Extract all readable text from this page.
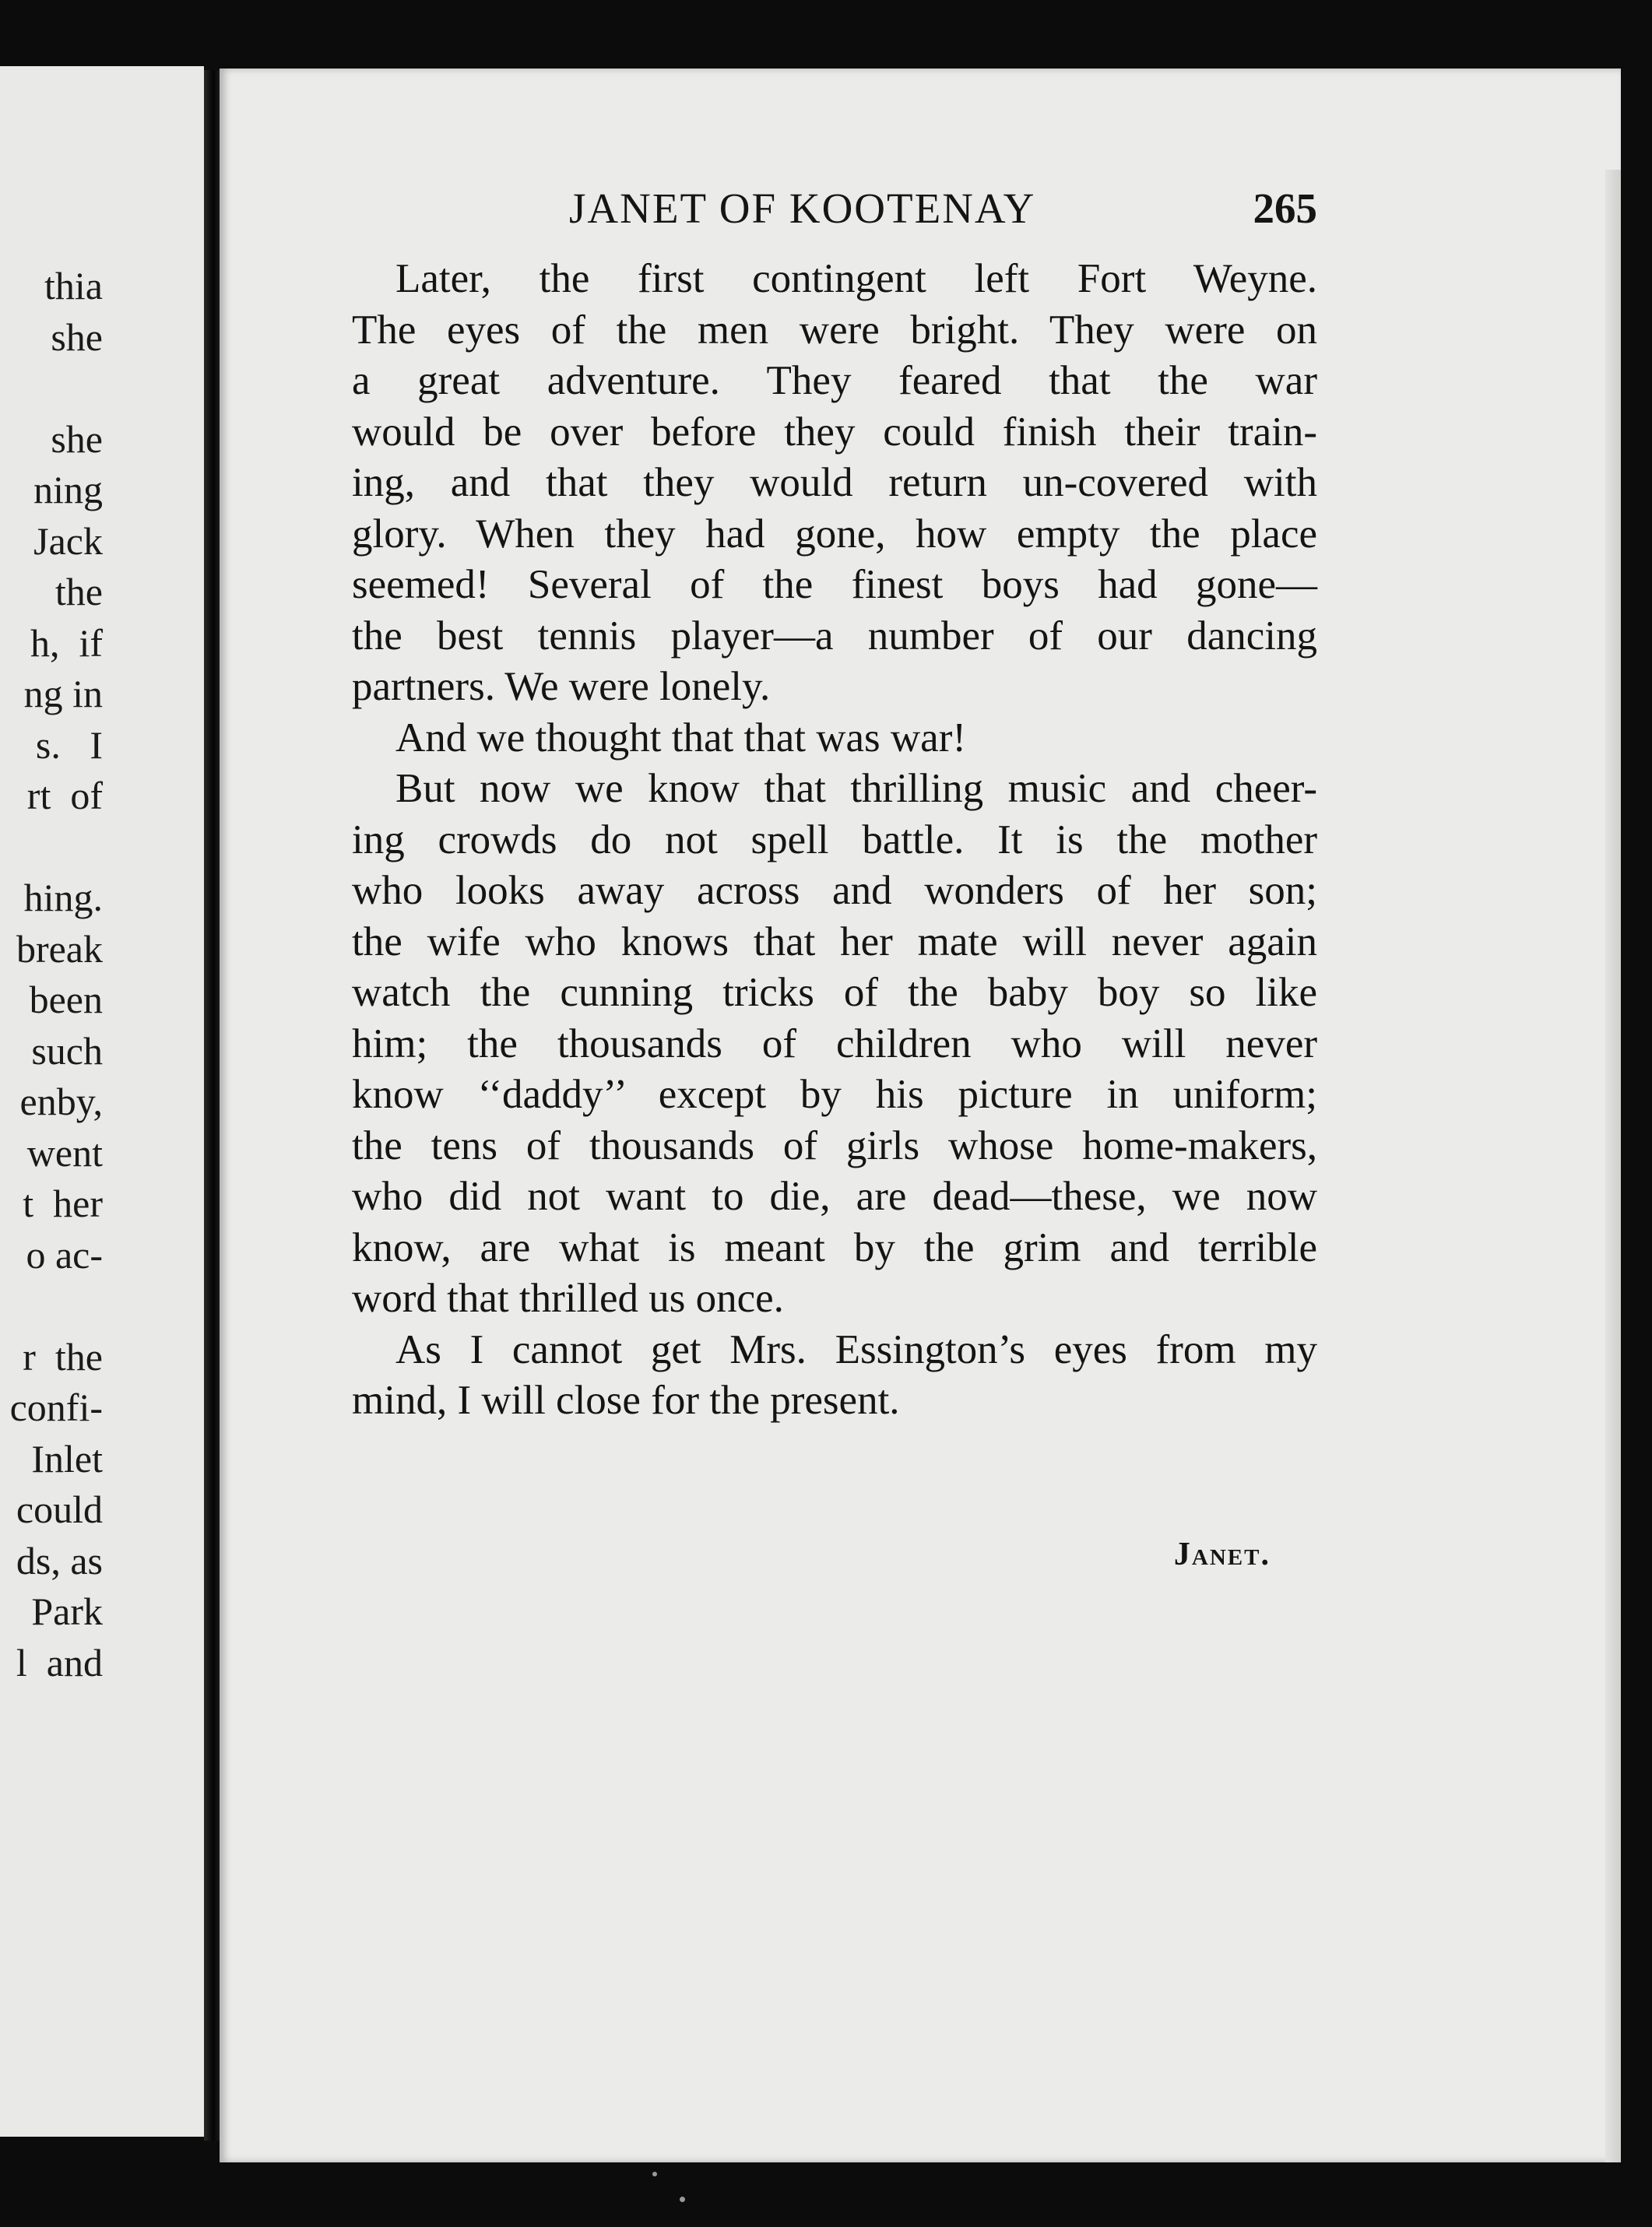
thia
she
she
ning
Jack
the
h,  if
ng in
s.   I
rt  of
hing.
break
been
such
enby,
went
t  her
o ac-
r  the
confi-
Inlet
could
ds, as
Park
l  and
JANET OF KOOTENAY	265
Later, the first contingent left Fort Weyne.
The eyes of the men were bright. They were on
a great adventure. They feared that the war
would be over before they could finish their train-
ing, and that they would return un-covered with
glory. When they had gone, how empty the place
seemed! Several of the finest boys had gone—
the best tennis player—a number of our dancing
partners. We were lonely.
And we thought that that was war!
But now we know that thrilling music and cheer-
ing crowds do not spell battle. It is the mother
who looks away across and wonders of her son;
the wife who knows that her mate will never again
watch the cunning tricks of the baby boy so like
him; the thousands of children who will never
know ‘‘daddy’’ except by his picture in uniform;
the tens of thousands of girls whose home-makers,
who did not want to die, are dead—these, we now
know, are what is meant by the grim and terrible
word that thrilled us once.
As I cannot get Mrs. Essington’s eyes from my
mind, I will close for the present.
Janet.
